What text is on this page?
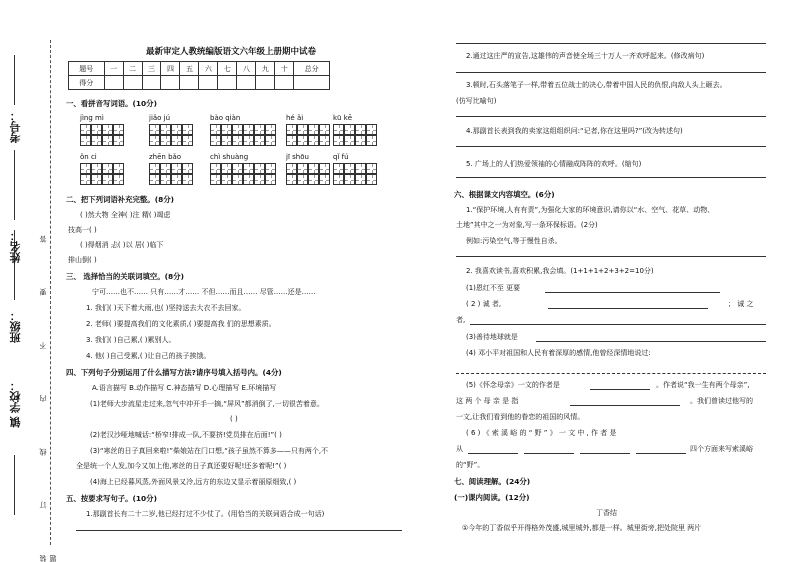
镇 学校：
班级：
姓名：
考号：
装 订 线 内 不 要 答 题
最新审定人教统编版语文六年级上册期中试卷
题号	一	二	三	四	五	六	七	八	九	十	总分
得分											
一、看拼音写词语。(10分)
jìng mì	jiǎo jú	bào qiàn	hé ǎi	kū kē
ǒn ci	zhēn bǎo	chì shuàng	jī shōu	qǐ fú
二、把下列词语补充完整。(8分)
( )然大物 全神( )注 精( )竭虑
技高一( )
( )得烟消 忐( )以 居( )临下
排山倒( )
三、 选择恰当的关联词填空。(8分)
宁可……也不…… 只有……才…… 不但……而且…… 尽管……还是……
1. 我们( )天下着大雨,也( )坚持送去大衣不去回家。
2. 老师( )要提高我们的文化素质,( )要提高我 们的思想素质。
3. 我们( )自己累,( )累别人。
4. 他( )自己受累,( )让自己的孩子挨饿。
四、下列句子分别运用了什么描写方法?请序号填入括号内。(4分)
A.语言描写 B.动作描写 C.神态描写 D.心理描写 E.环境描写
(1)老师大步流星走过来,忽气中冲开手一摘,“屏风”都消倒了,一切很苦着意。
( )
(2)老汉沙哑地喊话:“桥窄!排成一队,不要挤!党员排在后面!”( )
(3)“寒丝的日子真回来啦!”柴娘站在门口想,“孩子虽然不算多——只有两个,不
全是统一个人发,加今又加上他,寒丝的日子真还要好呢!还多着呢!”( )
(4)海上已经暮风蒸,外面风景又冷,远方的东边又显示着丽原细致,( )
五、按要求写句子。(10分)
1.那副首长有二十二岁,他已经打过不少仗了。(用恰当的关联词语合成一句话)
2.通过这庄严的宣告,这雄伟的声音使全场三十万人一齐欢呼起来。(修改病句)
3.顿时,石头落笔子一样,带着五位战士的决心,带着中国人民的仇恨,向敌人头上砸去。
(仿写比喻句)
4.那副首长表到我的卖家这组组织问:“记者,你在这里吗?”(改为转述句)
5. 广场上的人们热爱领袖的心情融成阵阵的欢呼。(缩句)
六、根据课文内容填空。(6分)
1.“保护环境,人有有责”,为强化大家的环境意识,请你以“水、空气、花草、动物、
土地”其中之一为对象,写一条环保标语。(2分)
例如:污染空气,等于慢性自杀。
2. 我喜欢读书,喜欢积累,我会填。(1+1+1+2+3+2=10分)
(1)恩红不至 更要
( 2 ) 诚 者,	； 诚 之
者,
(3)善待地球就是
(4) 邓小平对祖国和人民有着深厚的感情,他曾经深情地说过:
(5)《怀念母亲》一文的作者是	。作者说“我一生有两个母亲”,
这 两 个 母 亲 是 指	。我们曾读过他写的
一文,让我们看到他的眷恋的祖国的风情。
( 6 ) 《 索 溪 峪 的 “ 野 ” 》 一 文 中 , 作 者 是
从	四个方面来写索溪峪
的“野”。
七、阅读理解。(24分)
(一)课内阅读。(12分)
丁香结
①今年的丁香似乎开得格外茂盛,城里城外,都是一样。城里街旁,把处院里 两片
